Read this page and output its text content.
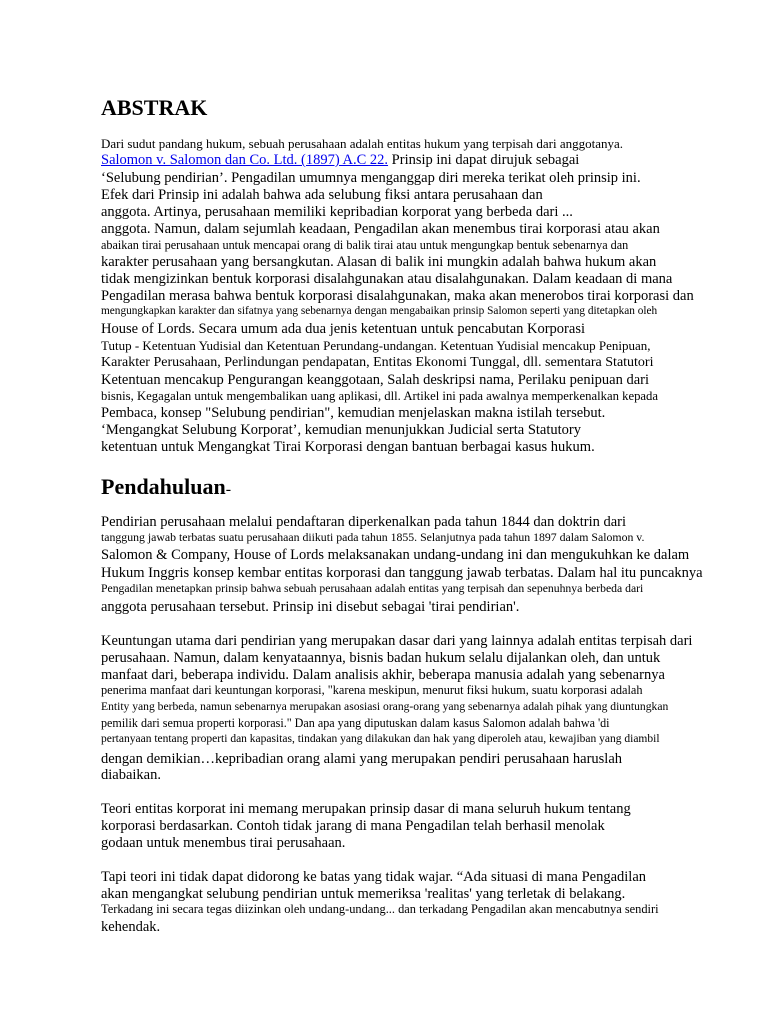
ABSTRAK
Dari sudut pandang hukum, sebuah perusahaan adalah entitas hukum yang terpisah dari anggotanya.
Salomon v. Salomon dan Co. Ltd. (1897) A.C 22. Prinsip ini dapat dirujuk sebagai
‘Selubung pendirian’. Pengadilan umumnya menganggap diri mereka terikat oleh prinsip ini.
Efek dari Prinsip ini adalah bahwa ada selubung fiksi antara perusahaan dan
anggota. Artinya, perusahaan memiliki kepribadian korporat yang berbeda dari ...
anggota. Namun, dalam sejumlah keadaan, Pengadilan akan menembus tirai korporasi atau akan
abaikan tirai perusahaan untuk mencapai orang di balik tirai atau untuk mengungkap bentuk sebenarnya dan
karakter perusahaan yang bersangkutan. Alasan di balik ini mungkin adalah bahwa hukum akan
tidak mengizinkan bentuk korporasi disalahgunakan atau disalahgunakan. Dalam keadaan di mana
Pengadilan merasa bahwa bentuk korporasi disalahgunakan, maka akan menerobos tirai korporasi dan
mengungkapkan karakter dan sifatnya yang sebenarnya dengan mengabaikan prinsip Salomon seperti yang ditetapkan oleh
House of Lords. Secara umum ada dua jenis ketentuan untuk pencabutan Korporasi
Tutup - Ketentuan Yudisial dan Ketentuan Perundang-undangan. Ketentuan Yudisial mencakup Penipuan,
Karakter Perusahaan, Perlindungan pendapatan, Entitas Ekonomi Tunggal, dll. sementara Statutori
Ketentuan mencakup Pengurangan keanggotaan, Salah deskripsi nama, Perilaku penipuan dari
bisnis, Kegagalan untuk mengembalikan uang aplikasi, dll. Artikel ini pada awalnya memperkenalkan kepada
Pembaca, konsep "Selubung pendirian", kemudian menjelaskan makna istilah tersebut.
‘Mengangkat Selubung Korporat’, kemudian menunjukkan Judicial serta Statutory
ketentuan untuk Mengangkat Tirai Korporasi dengan bantuan berbagai kasus hukum.
Pendahuluan-
Pendirian perusahaan melalui pendaftaran diperkenalkan pada tahun 1844 dan doktrin dari
tanggung jawab terbatas suatu perusahaan diikuti pada tahun 1855. Selanjutnya pada tahun 1897 dalam Salomon v.
Salomon & Company, House of Lords melaksanakan undang-undang ini dan mengukuhkan ke dalam
Hukum Inggris konsep kembar entitas korporasi dan tanggung jawab terbatas. Dalam hal itu puncaknya
Pengadilan menetapkan prinsip bahwa sebuah perusahaan adalah entitas yang terpisah dan sepenuhnya berbeda dari
anggota perusahaan tersebut. Prinsip ini disebut sebagai 'tirai pendirian'.
Keuntungan utama dari pendirian yang merupakan dasar dari yang lainnya adalah entitas terpisah dari
perusahaan. Namun, dalam kenyataannya, bisnis badan hukum selalu dijalankan oleh, dan untuk
manfaat dari, beberapa individu. Dalam analisis akhir, beberapa manusia adalah yang sebenarnya
penerima manfaat dari keuntungan korporasi, "karena meskipun, menurut fiksi hukum, suatu korporasi adalah
Entity yang berbeda, namun sebenarnya merupakan asosiasi orang-orang yang sebenarnya adalah pihak yang diuntungkan
pemilik dari semua properti korporasi." Dan apa yang diputuskan dalam kasus Salomon adalah bahwa 'di
pertanyaan tentang properti dan kapasitas, tindakan yang dilakukan dan hak yang diperoleh atau, kewajiban yang diambil
dengan demikian…kepribadian orang alami yang merupakan pendiri perusahaan haruslah
diabaikan.
Teori entitas korporat ini memang merupakan prinsip dasar di mana seluruh hukum tentang
korporasi berdasarkan. Contoh tidak jarang di mana Pengadilan telah berhasil menolak
godaan untuk menembus tirai perusahaan.
Tapi teori ini tidak dapat didorong ke batas yang tidak wajar. “Ada situasi di mana Pengadilan
akan mengangkat selubung pendirian untuk memeriksa 'realitas' yang terletak di belakang.
Terkadang ini secara tegas diizinkan oleh undang-undang... dan terkadang Pengadilan akan mencabutnya sendiri
kehendak.
